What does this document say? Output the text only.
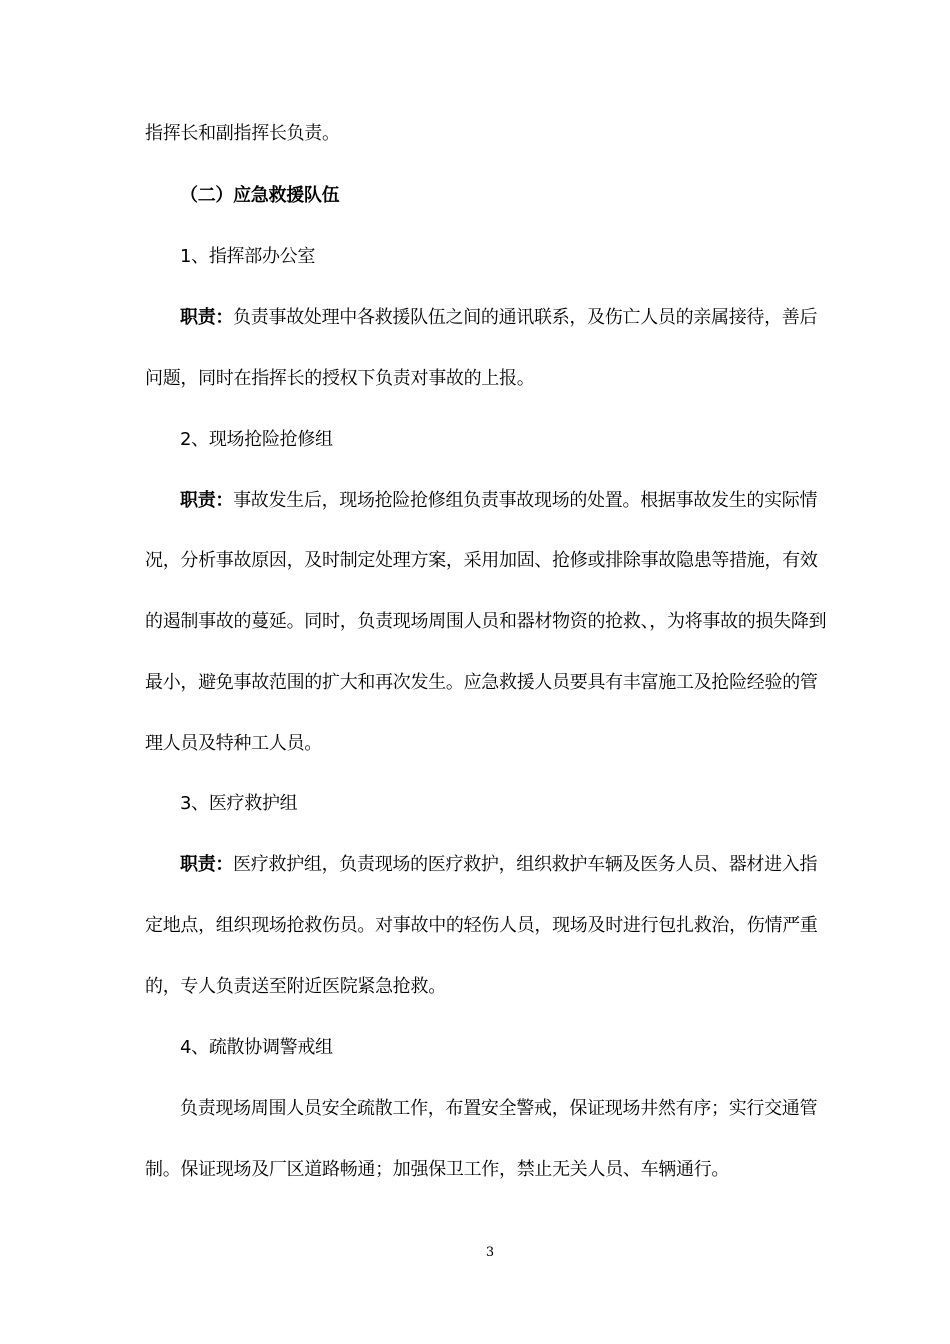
指挥长和副指挥长负责。
（二）应急救援队伍
1、指挥部办公室
职责：负责事故处理中各救援队伍之间的通讯联系，及伤亡人员的亲属接待，善后
问题，同时在指挥长的授权下负责对事故的上报。
2、现场抢险抢修组
职责：事故发生后，现场抢险抢修组负责事故现场的处置。根据事故发生的实际情
况，分析事故原因，及时制定处理方案，采用加固、抢修或排除事故隐患等措施，有效
的遏制事故的蔓延。同时，负责现场周围人员和器材物资的抢救、，为将事故的损失降到
最小，避免事故范围的扩大和再次发生。应急救援人员要具有丰富施工及抢险经验的管
理人员及特种工人员。
3、医疗救护组
职责：医疗救护组，负责现场的医疗救护，组织救护车辆及医务人员、器材进入指
定地点，组织现场抢救伤员。对事故中的轻伤人员，现场及时进行包扎救治，伤情严重
的，专人负责送至附近医院紧急抢救。
4、疏散协调警戒组
负责现场周围人员安全疏散工作，布置安全警戒，保证现场井然有序；实行交通管
制。保证现场及厂区道路畅通；加强保卫工作，禁止无关人员、车辆通行。
3
